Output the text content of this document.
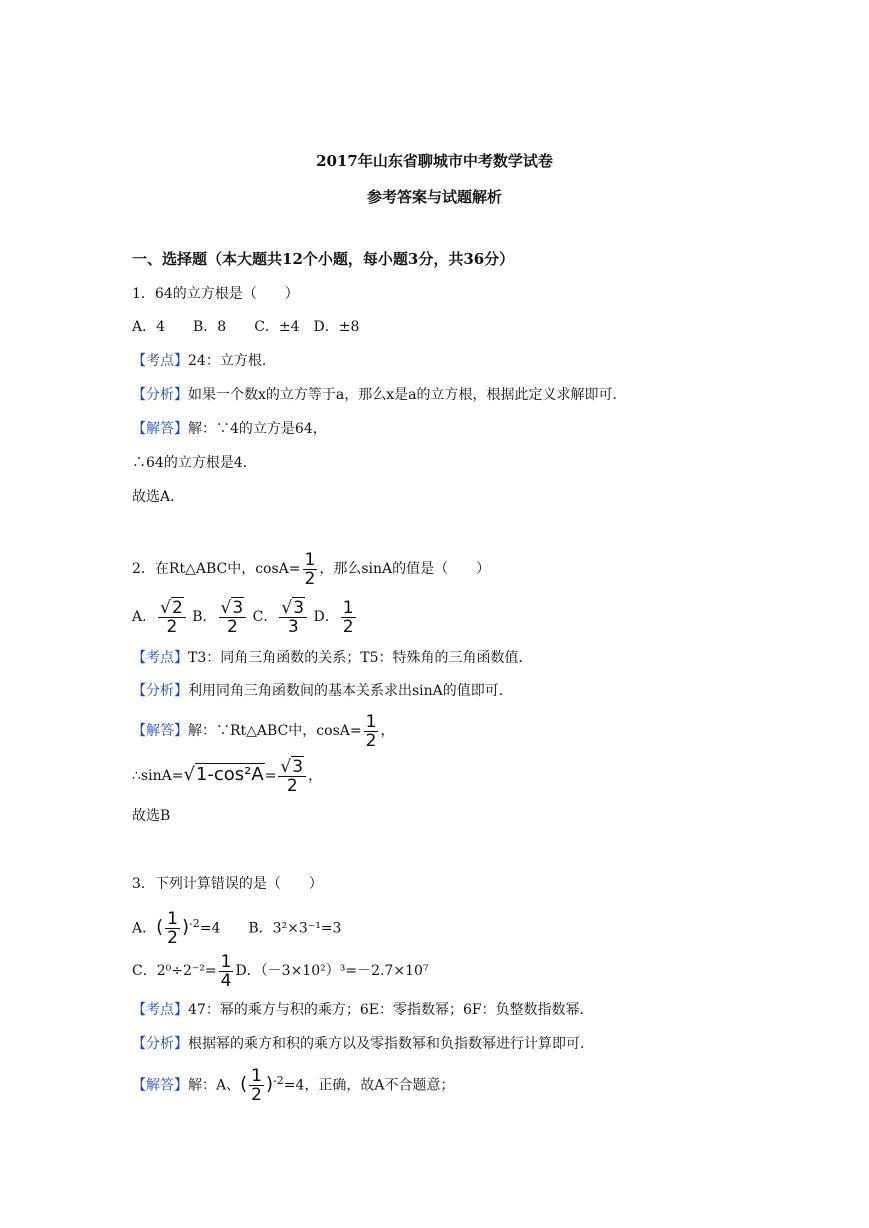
2017年山东省聊城市中考数学试卷
参考答案与试题解析
一、选择题（本大题共12个小题，每小题3分，共36分）
1．64的立方根是（　　）
A．4　　B．8　　C．±4　D．±8
【考点】24：立方根．
【分析】如果一个数x的立方等于a，那么x是a的立方根，根据此定义求解即可．
【解答】解：∵4的立方是64，
∴64的立方根是4．
故选A．
2．在Rt△ABC中，$\cos A= \frac{1}{2}$ ，那么sinA的值是（　　）
A． $\frac{√2}{2}$ B． $\frac{√3}{2}$ C． $\frac{√3}{3}$ D． $\frac{1}{2}$
【考点】T3：同角三角函数的关系；T5：特殊角的三角函数值．
【分析】利用同角三角函数间的基本关系求出sinA的值即可．
【解答】解：∵Rt△ABC中，$\cos A= \frac{1}{2}$ ，
∴sinA=√1-cos²A= $\frac{√3}{2}$ ，
故选B
3．下列计算错误的是（　　）
A．( $\frac{1}{2} )^{-2}=4$　　B．3²×3⁻¹=3
C．$2^0\div 2^{-2}= \frac{1}{4}$ D．（－3×10²）³=－2.7×10⁷
【考点】47：幂的乘方与积的乘方；6E：零指数幂；6F：负整数指数幂．
【分析】根据幂的乘方和积的乘方以及零指数幂和负指数幂进行计算即可．
【解答】解：A、( $\frac{1}{2} )^{-2}=4$，正确，故A不合题意；
